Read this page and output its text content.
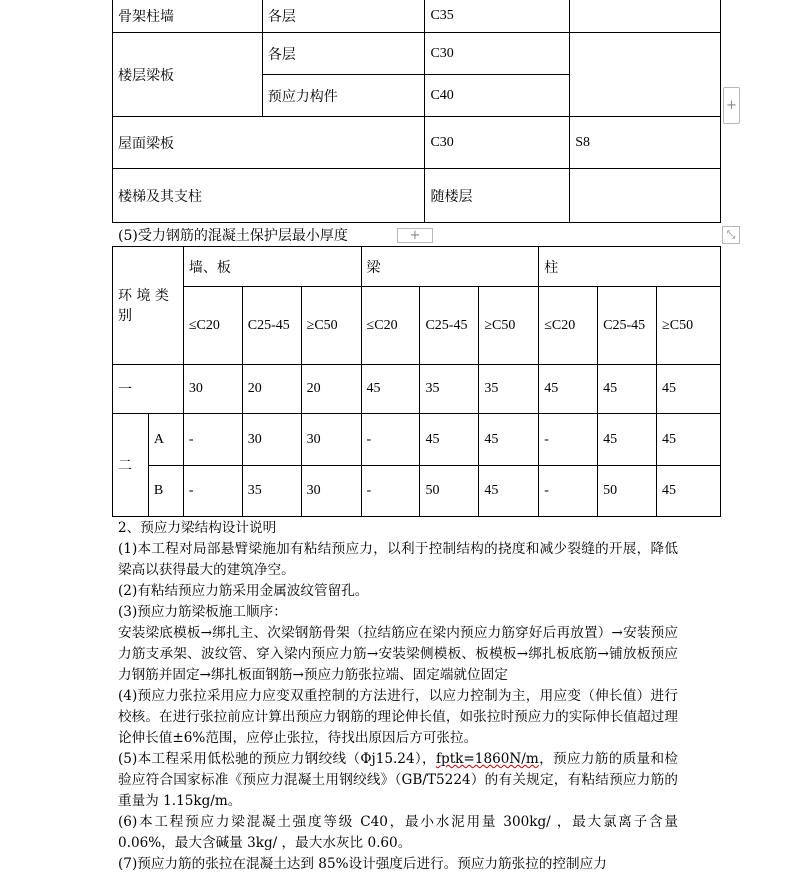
骨架柱墙	各层	C35	
楼层梁板	各层	C30	
	预应力构件	C40	
屋面梁板		C30	S8
楼梯及其支柱		随楼层	
+
(5)受力钢筋的混凝土保护层最小厚度	+	⤡
环 境 类 别		墙、板			梁			柱		
		≤C20	C25-45	≥C50	≤C20	C25-45	≥C50	≤C20	C25-45	≥C50
一		30	20	20	45	35	35	45	45	45
二	A	-	30	30	-	45	45	-	45	45
	B	-	35	30	-	50	45	-	50	45

2、预应力梁结构设计说明

(1)本工程对局部悬臂梁施加有粘结预应力，以利于控制结构的挠度和减少裂缝的开展，降低梁高以获得最大的建筑净空。

(2)有粘结预应力筋采用金属波纹管留孔。

(3)预应力筋梁板施工顺序：

安装梁底模板→绑扎主、次梁钢筋骨架（拉结筋应在梁内预应力筋穿好后再放置）→安装预应力筋支承架、波纹管、穿入梁内预应力筋→安装梁侧模板、板模板→绑扎板底筋→铺放板预应力钢筋并固定→绑扎板面钢筋→预应力筋张拉端、固定端就位固定

(4)预应力张拉采用应力应变双重控制的方法进行，以应力控制为主，用应变（伸长值）进行校核。在进行张拉前应计算出预应力钢筋的理论伸长值，如张拉时预应力的实际伸长值超过理论伸长值±6%范围，应停止张拉，待找出原因后方可张拉。

(5)本工程采用低松驰的预应力钢绞线（Φj15.24），fptk=1860N/m，预应力筋的质量和检验应符合国家标准《预应力混凝土用钢绞线》（GB/T5224）的有关规定，有粘结预应力筋的重量为 1.15kg/m。

(6)本工程预应力梁混凝土强度等级 C40，最小水泥用量 300kg/ ，最大氯离子含量 0.06%，最大含碱量 3kg/ ，最大水灰比 0.60。

(7)预应力筋的张拉在混凝土达到 85%设计强度后进行。预应力筋张拉的控制应力
